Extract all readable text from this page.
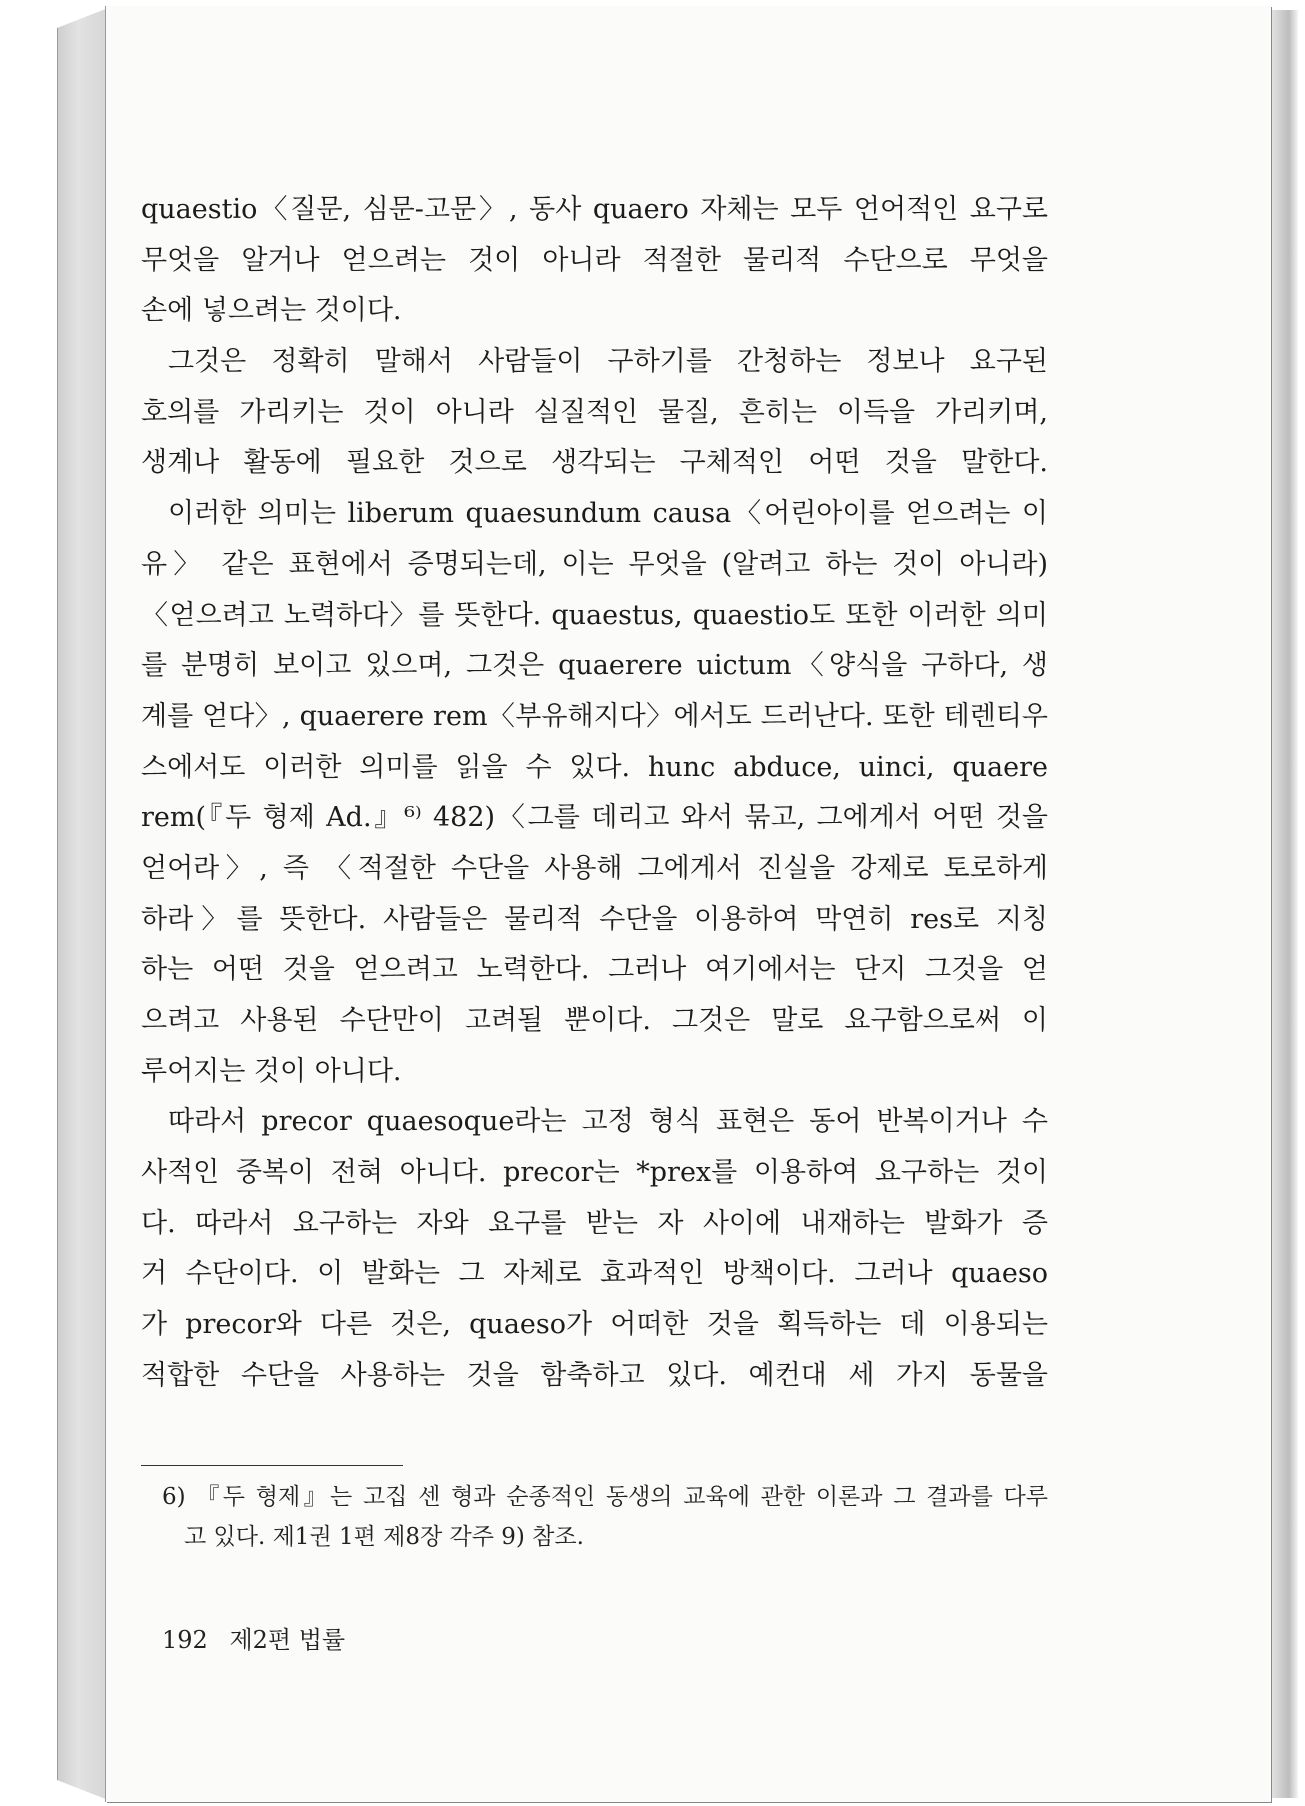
quaestio〈질문, 심문-고문〉, 동사 quaero 자체는 모두 언어적인 요구로
무엇을 알거나 얻으려는 것이 아니라 적절한 물리적 수단으로 무엇을
손에 넣으려는 것이다.
그것은 정확히 말해서 사람들이 구하기를 간청하는 정보나 요구된
호의를 가리키는 것이 아니라 실질적인 물질, 흔히는 이득을 가리키며,
생계나 활동에 필요한 것으로 생각되는 구체적인 어떤 것을 말한다.
이러한 의미는 liberum quaesundum causa〈어린아이를 얻으려는 이
유〉 같은 표현에서 증명되는데, 이는 무엇을 (알려고 하는 것이 아니라)
〈얻으려고 노력하다〉를 뜻한다. quaestus, quaestio도 또한 이러한 의미
를 분명히 보이고 있으며, 그것은 quaerere uictum〈양식을 구하다, 생
계를 얻다〉, quaerere rem〈부유해지다〉에서도 드러난다. 또한 테렌티우
스에서도 이러한 의미를 읽을 수 있다. hunc abduce, uinci, quaere
rem(『두 형제 Ad.』⁶⁾ 482)〈그를 데리고 와서 묶고, 그에게서 어떤 것을
얻어라〉, 즉 〈적절한 수단을 사용해 그에게서 진실을 강제로 토로하게
하라〉를 뜻한다. 사람들은 물리적 수단을 이용하여 막연히 res로 지칭
하는 어떤 것을 얻으려고 노력한다. 그러나 여기에서는 단지 그것을 얻
으려고 사용된 수단만이 고려될 뿐이다. 그것은 말로 요구함으로써 이
루어지는 것이 아니다.
따라서 precor quaesoque라는 고정 형식 표현은 동어 반복이거나 수
사적인 중복이 전혀 아니다. precor는 *prex를 이용하여 요구하는 것이
다. 따라서 요구하는 자와 요구를 받는 자 사이에 내재하는 발화가 증
거 수단이다. 이 발화는 그 자체로 효과적인 방책이다. 그러나 quaeso
가 precor와 다른 것은, quaeso가 어떠한 것을 획득하는 데 이용되는
적합한 수단을 사용하는 것을 함축하고 있다. 예컨대 세 가지 동물을
6) 『두 형제』는 고집 센 형과 순종적인 동생의 교육에 관한 이론과 그 결과를 다루
고 있다. 제1권 1편 제8장 각주 9) 참조.
192 제2편 법률
